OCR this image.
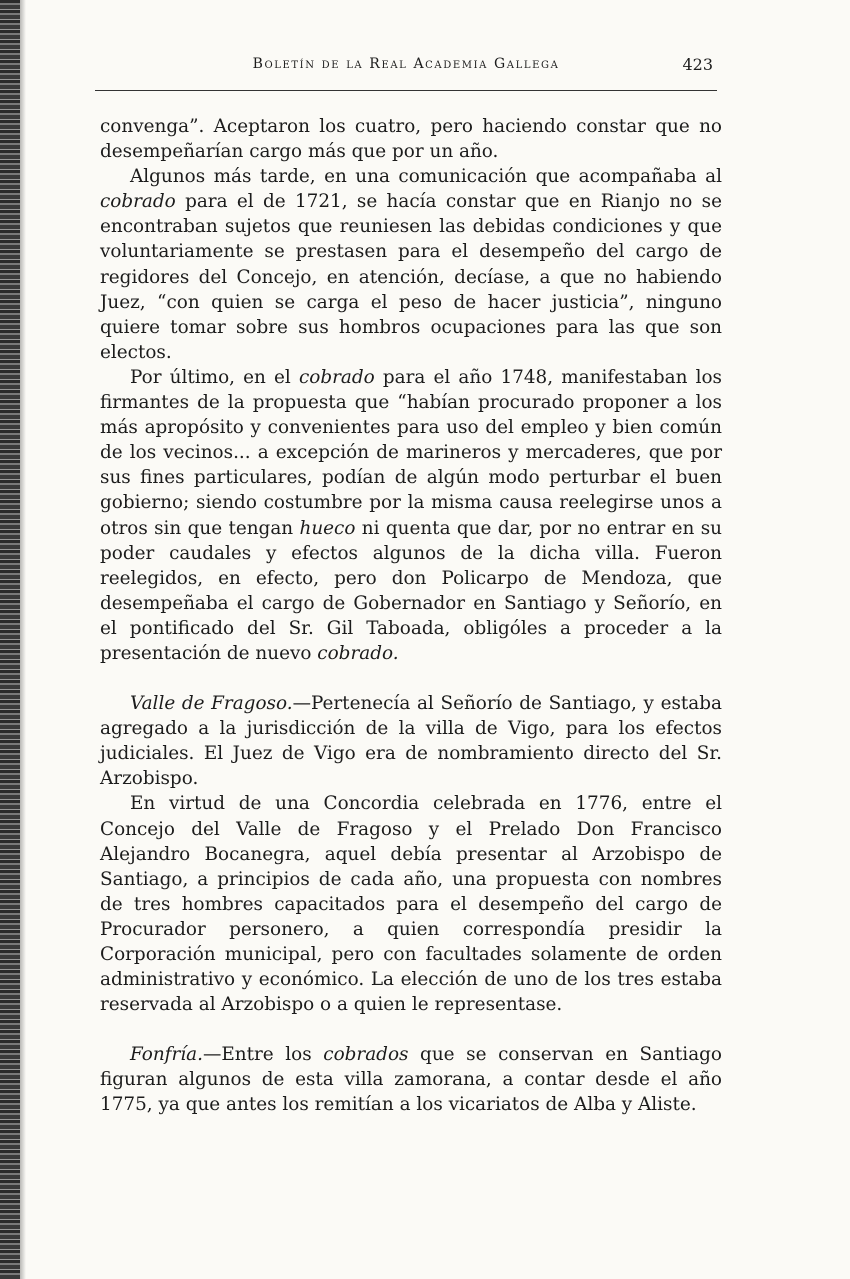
Boletín de la Real Academia Gallega	423

convenga”. Aceptaron los cuatro, pero haciendo constar que no desempeñarían cargo más que por un año.

Algunos más tarde, en una comunicación que acompañaba al cobrado para el de 1721, se hacía constar que en Rianjo no se encontraban sujetos que reuniesen las debidas condiciones y que voluntariamente se prestasen para el desempeño del cargo de regidores del Concejo, en atención, decíase, a que no habiendo Juez, “con quien se carga el peso de hacer justicia”, ninguno quiere tomar sobre sus hombros ocupaciones para las que son electos.

Por último, en el cobrado para el año 1748, manifestaban los firmantes de la propuesta que “habían procurado proponer a los más apropósito y convenientes para uso del empleo y bien común de los vecinos... a excepción de marineros y mercaderes, que por sus fines particulares, podían de algún modo perturbar el buen gobierno; siendo costumbre por la misma causa reelegirse unos a otros sin que tengan hueco ni quenta que dar, por no entrar en su poder caudales y efectos algunos de la dicha villa. Fueron reelegidos, en efecto, pero don Policarpo de Mendoza, que desempeñaba el cargo de Gobernador en Santiago y Señorío, en el pontificado del Sr. Gil Taboada, obligóles a proceder a la presentación de nuevo cobrado.

Valle de Fragoso.—Pertenecía al Señorío de Santiago, y estaba agregado a la jurisdicción de la villa de Vigo, para los efectos judiciales. El Juez de Vigo era de nombramiento directo del Sr. Arzobispo.

En virtud de una Concordia celebrada en 1776, entre el Concejo del Valle de Fragoso y el Prelado Don Francisco Alejandro Bocanegra, aquel debía presentar al Arzobispo de Santiago, a principios de cada año, una propuesta con nombres de tres hombres capacitados para el desempeño del cargo de Procurador personero, a quien correspondía presidir la Corporación municipal, pero con facultades solamente de orden administrativo y económico. La elección de uno de los tres estaba reservada al Arzobispo o a quien le representase.

Fonfría.—Entre los cobrados que se conservan en Santiago figuran algunos de esta villa zamorana, a contar desde el año 1775, ya que antes los remitían a los vicariatos de Alba y Aliste.
